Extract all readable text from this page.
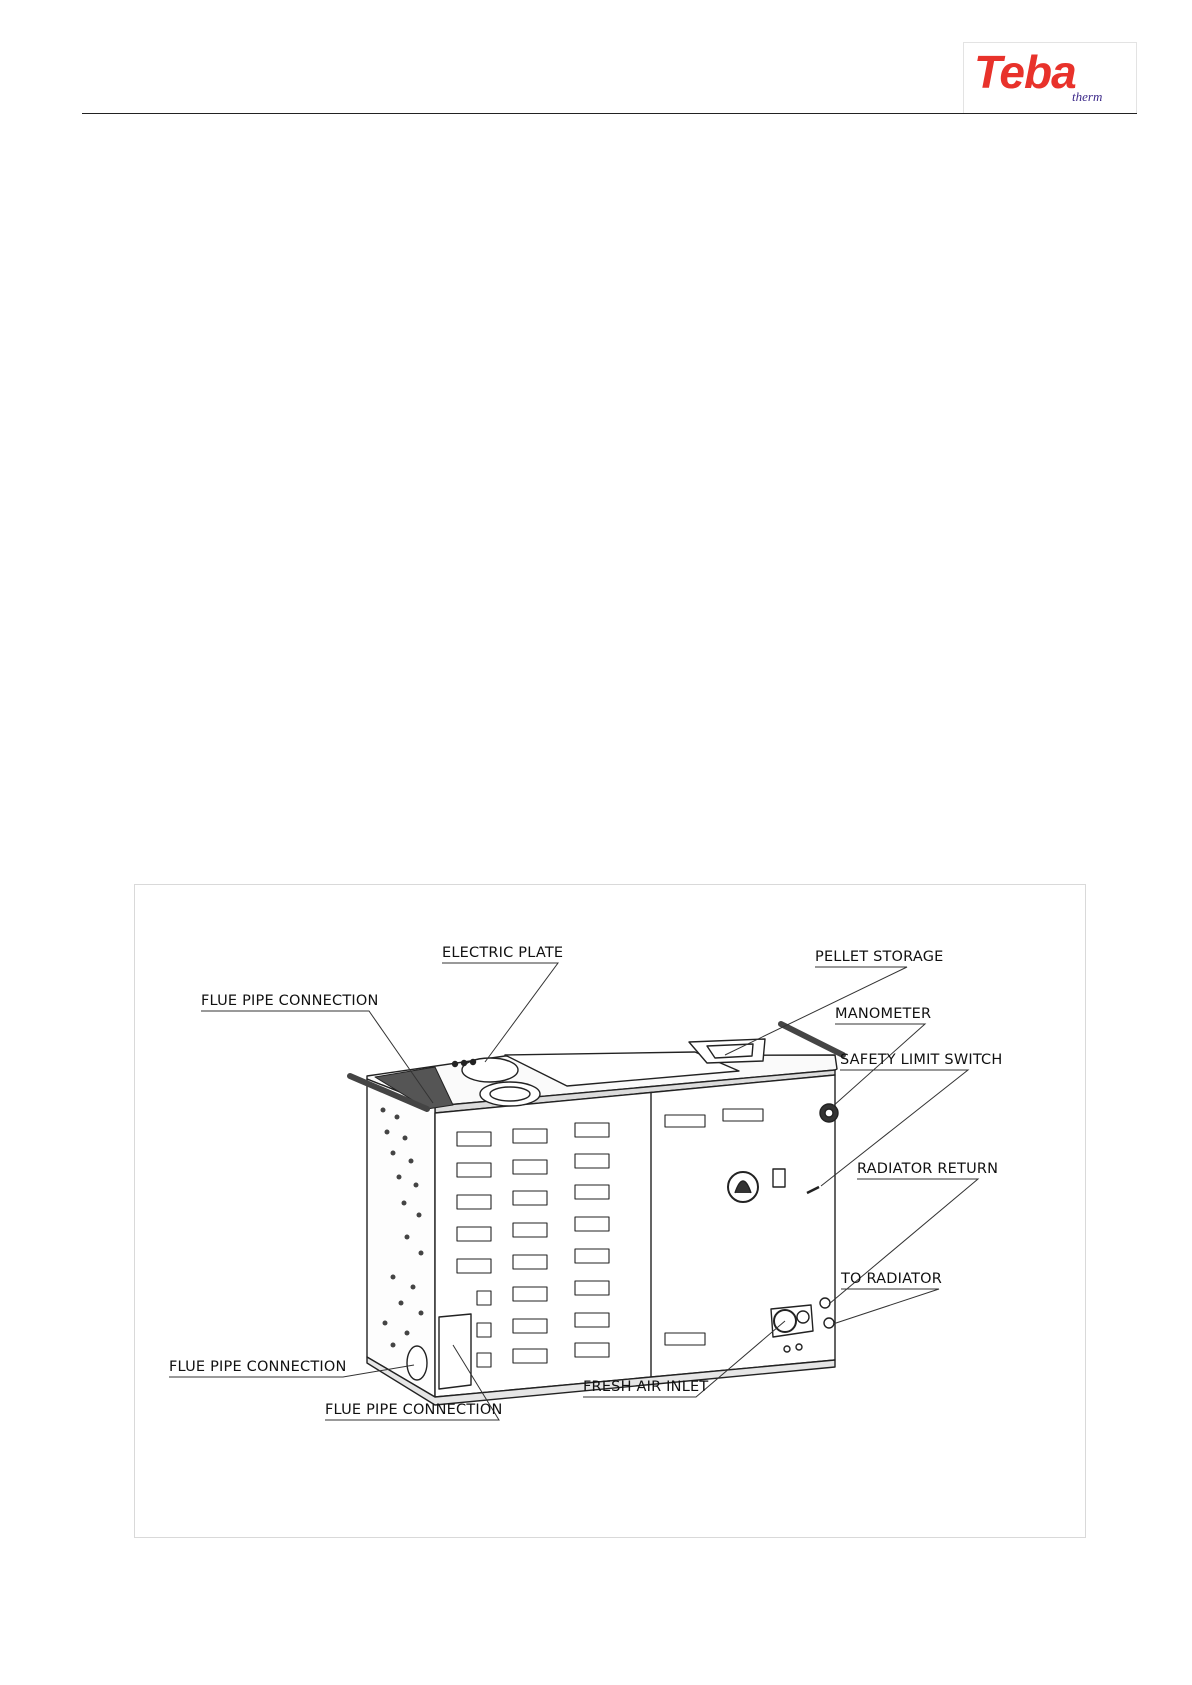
Teba
therm
ELECTRIC PLATE	PELLET STORAGE
FLUE PIPE CONNECTION
MANOMETER
SAFETY LIMIT SWITCH
RADIATOR RETURN
TO RADIATOR
FLUE PIPE CONNECTION
FLUE PIPE CONNECTION
FRESH AIR INLET
